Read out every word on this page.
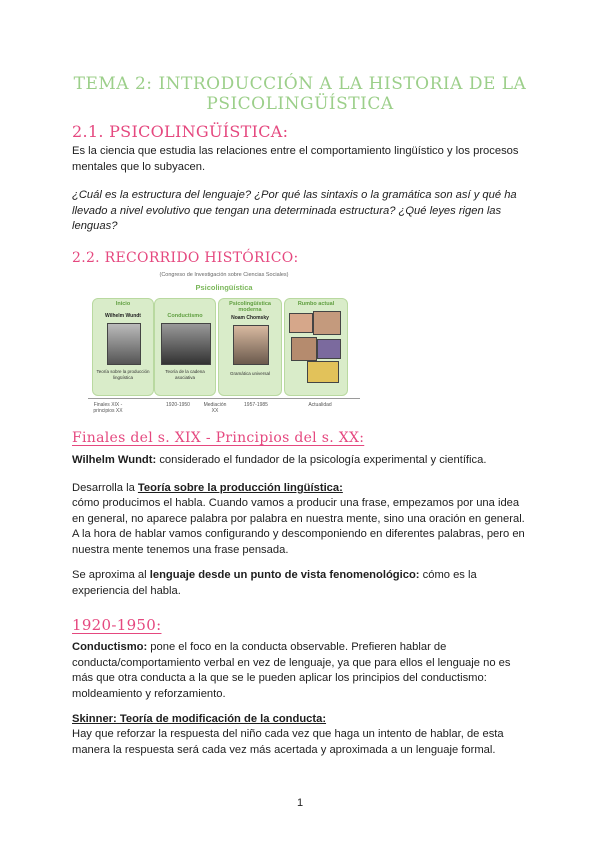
TEMA 2: INTRODUCCIÓN A LA HISTORIA DE LA PSICOLINGÜÍSTICA
2.1. PSICOLINGÜÍSTICA:
Es la ciencia que estudia las relaciones entre el comportamiento lingüístico y los procesos mentales que lo subyacen.
¿Cuál es la estructura del lenguaje? ¿Por qué las sintaxis o la gramática son así y qué ha llevado a nivel evolutivo que tengan una determinada estructura? ¿Qué leyes rigen las lenguas?
2.2. RECORRIDO HISTÓRICO:
(Congreso de Investigación sobre Ciencias Sociales)
Psicolingüística
Inicio
Wilhelm Wundt
Teoría sobre la producción lingüística
Conductismo
Teoría de la cadena asociativa
Psicolingüística moderna
Noam Chomsky
Gramática universal
Rumbo actual
Finales XIX - principios XX
1920-1950	Mediación XX
1957-1985	Actualidad
Finales del s. XIX - Principios del s. XX:
Wilhelm Wundt: considerado el fundador de la psicología experimental y científica.
Desarrolla la Teoría sobre la producción lingüística:
cómo producimos el habla. Cuando vamos a producir una frase, empezamos por una idea en general, no aparece palabra por palabra en nuestra mente, sino una oración en general. A la hora de hablar vamos configurando y descomponiendo en diferentes palabras, pero en nuestra mente tenemos una frase pensada.
Se aproxima al lenguaje desde un punto de vista fenomenológico: cómo es la experiencia del habla.
1920-1950:
Conductismo: pone el foco en la conducta observable. Prefieren hablar de conducta/comportamiento verbal en vez de lenguaje, ya que para ellos el lenguaje no es más que otra conducta a la que se le pueden aplicar los principios del conductismo: moldeamiento y reforzamiento.
Skinner: Teoría de modificación de la conducta:
Hay que reforzar la respuesta del niño cada vez que haga un intento de hablar, de esta manera la respuesta será cada vez más acertada y aproximada a un lenguaje formal.
1
